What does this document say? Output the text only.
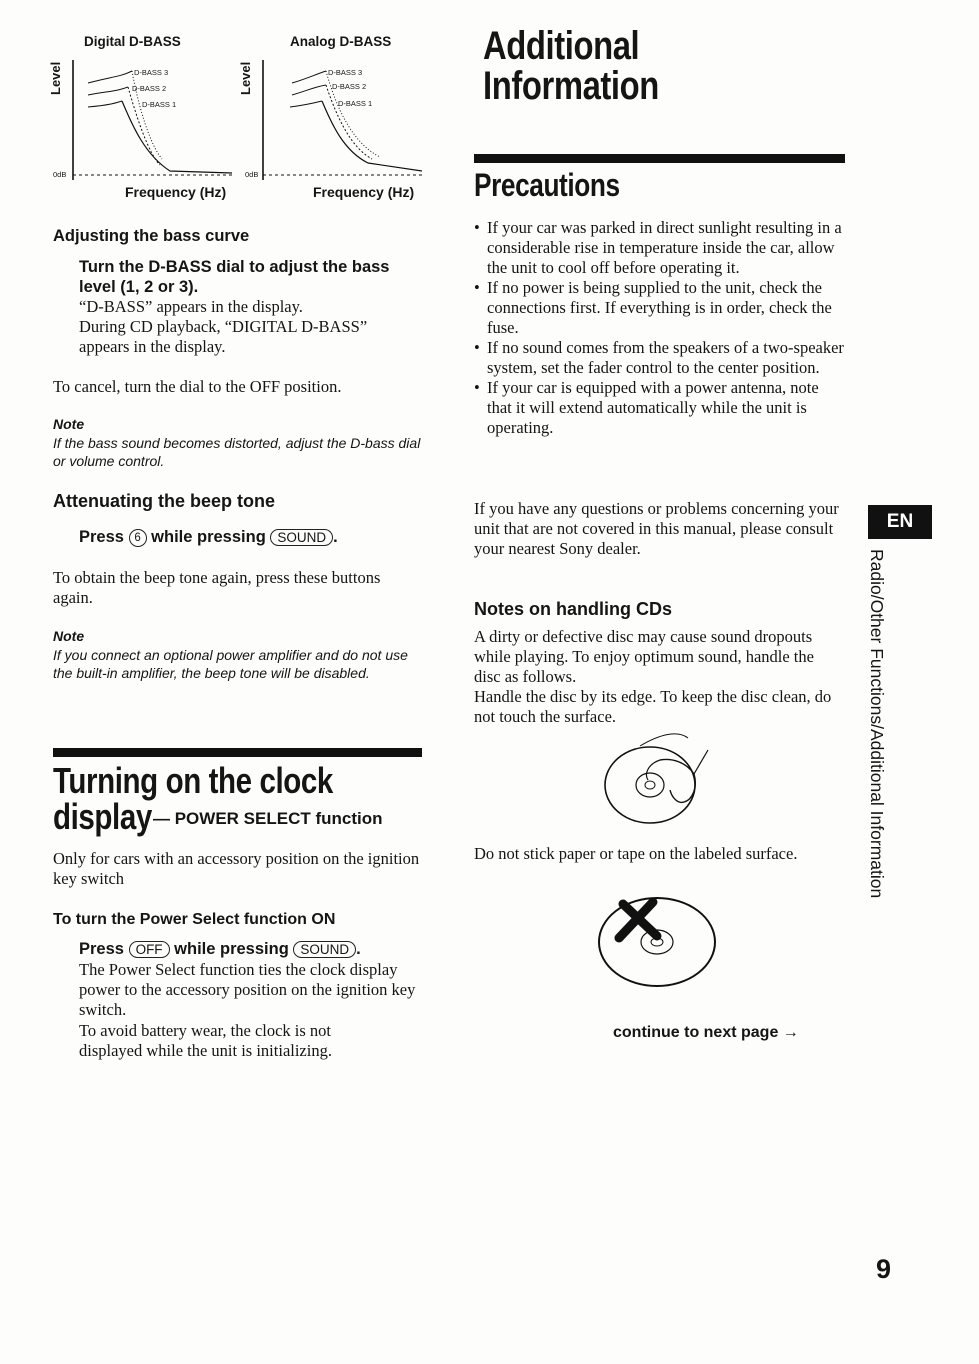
Digital D-BASS	Analog D-BASS
Level	D-BASS 3
D-BASS 2
D-BASS 1
0dB
Frequency (Hz)
Level	D-BASS 3
D-BASS 2
D-BASS 1
0dB
Frequency (Hz)
Adjusting the bass curve
Turn the D-BASS dial to adjust the bass level (1, 2 or 3).
“D-BASS” appears in the display.
During CD playback, “DIGITAL D-BASS” appears in the display.
To cancel, turn the dial to the OFF position.
Note
If the bass sound becomes distorted, adjust the D-bass dial or volume control.
Attenuating the beep tone
Press 6 while pressing SOUND .
To obtain the beep tone again, press these buttons again.
Note
If you connect an optional power amplifier and do not use the built-in amplifier, the beep tone will be disabled.
Turning on the clock
display — POWER SELECT function
Only for cars with an accessory position on the ignition key switch
To turn the Power Select function ON
Press OFF while pressing SOUND .
The Power Select function ties the clock display power to the accessory position on the ignition key switch.
To avoid battery wear, the clock is not displayed while the unit is initializing.
Additional
Information
Precautions
• If your car was parked in direct sunlight resulting in a considerable rise in temperature inside the car, allow the unit to cool off before operating it.
• If no power is being supplied to the unit, check the connections first. If everything is in order, check the fuse.
• If no sound comes from the speakers of a two-speaker system, set the fader control to the center position.
• If your car is equipped with a power antenna, note that it will extend automatically while the unit is operating.
If you have any questions or problems concerning your unit that are not covered in this manual, please consult your nearest Sony dealer.
Notes on handling CDs
A dirty or defective disc may cause sound dropouts while playing. To enjoy optimum sound, handle the disc as follows.
Handle the disc by its edge. To keep the disc clean, do not touch the surface.
Do not stick paper or tape on the labeled surface.
continue to next page →
EN
Radio/Other Functions/Additional Information
9
